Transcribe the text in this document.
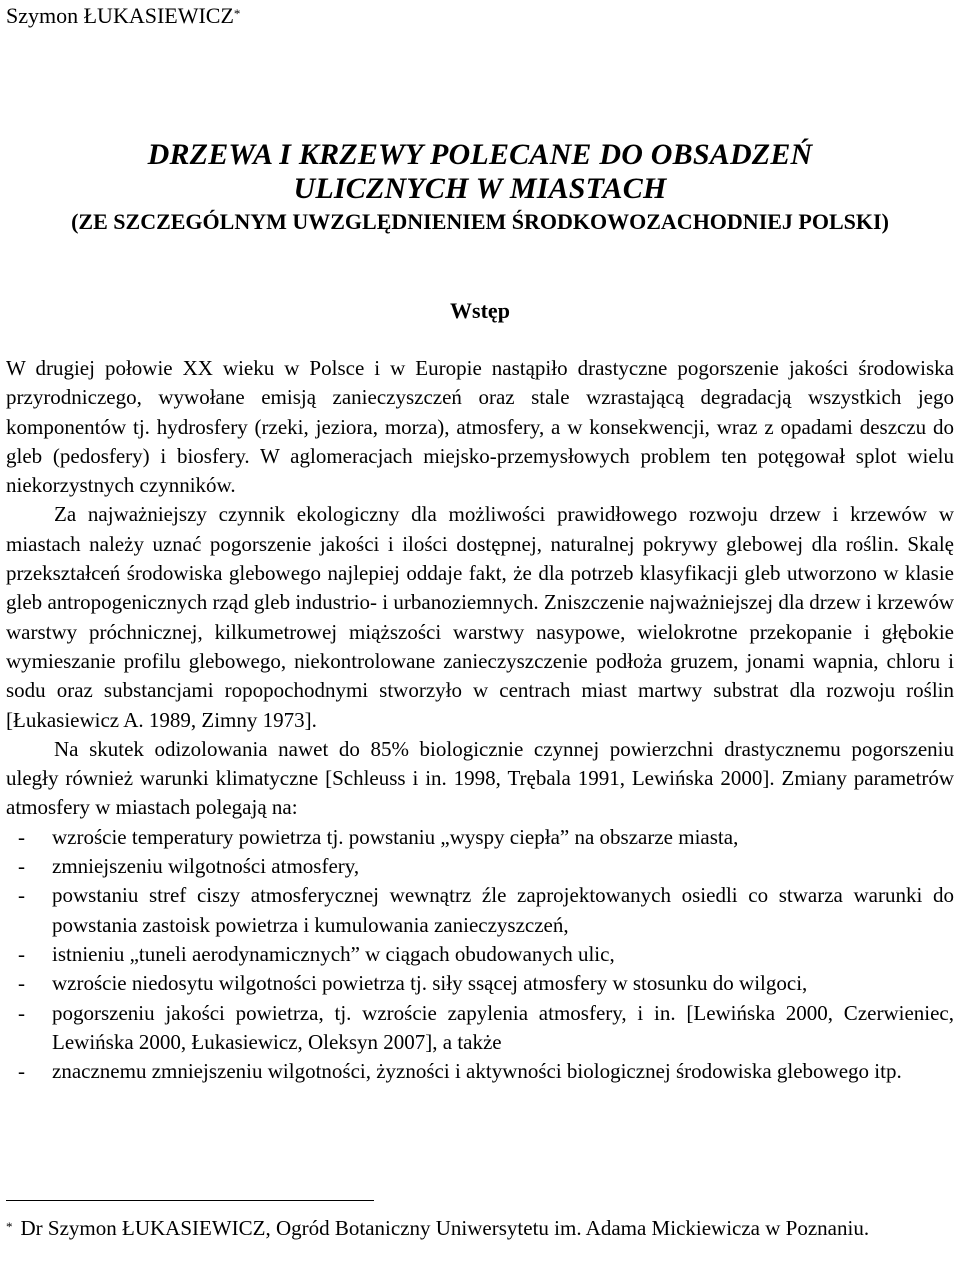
Szymon ŁUKASIEWICZ*
DRZEWA I KRZEWY POLECANE DO OBSADZEŃ
ULICZNYCH W MIASTACH
(ZE SZCZEGÓLNYM UWZGLĘDNIENIEM ŚRODKOWOZACHODNIEJ POLSKI)
Wstęp

W drugiej połowie XX wieku w Polsce i w Europie nastąpiło drastyczne pogorszenie jakości środowiska przyrodniczego, wywołane emisją zanieczyszczeń oraz stale wzrastającą degradacją wszystkich jego komponentów tj. hydrosfery (rzeki, jeziora, morza), atmosfery, a w konsekwencji, wraz z opadami deszczu do gleb (pedosfery) i biosfery. W aglomeracjach miejsko-przemysłowych problem ten potęgował splot wielu niekorzystnych czynników.

Za najważniejszy czynnik ekologiczny dla możliwości prawidłowego rozwoju drzew i krzewów w miastach należy uznać pogorszenie jakości i ilości dostępnej, naturalnej pokrywy glebowej dla roślin. Skalę przekształceń środowiska glebowego najlepiej oddaje fakt, że dla potrzeb klasyfikacji gleb utworzono w klasie gleb antropogenicznych rząd gleb industrio- i urbanoziemnych. Zniszczenie najważniejszej dla drzew i krzewów warstwy próchnicznej, kilkumetrowej miąższości warstwy nasypowe, wielokrotne przekopanie i głębokie wymieszanie profilu glebowego, niekontrolowane zanieczyszczenie podłoża gruzem, jonami wapnia, chloru i sodu oraz substancjami ropopochodnymi stworzyło w centrach miast martwy substrat dla rozwoju roślin [Łukasiewicz A. 1989, Zimny 1973].

Na skutek odizolowania nawet do 85% biologicznie czynnej powierzchni drastycznemu pogorszeniu uległy również warunki klimatyczne [Schleuss i in. 1998, Trębala 1991, Lewińska 2000]. Zmiany parametrów atmosfery w miastach polegają na:

- wzroście temperatury powietrza tj. powstaniu „wyspy ciepła” na obszarze miasta,
- zmniejszeniu wilgotności atmosfery,
- powstaniu stref ciszy atmosferycznej wewnątrz źle zaprojektowanych osiedli co stwarza warunki do powstania zastoisk powietrza i kumulowania zanieczyszczeń,
- istnieniu „tuneli aerodynamicznych” w ciągach obudowanych ulic,
- wzroście niedosytu wilgotności powietrza tj. siły ssącej atmosfery w stosunku do wilgoci,
- pogorszeniu jakości powietrza, tj. wzroście zapylenia atmosfery, i in. [Lewińska 2000, Czerwieniec, Lewińska 2000, Łukasiewicz, Oleksyn 2007], a także
- znacznemu zmniejszeniu wilgotności, żyzności i aktywności biologicznej środowiska glebowego itp.
* Dr Szymon ŁUKASIEWICZ, Ogród Botaniczny Uniwersytetu im. Adama Mickiewicza w Poznaniu.
